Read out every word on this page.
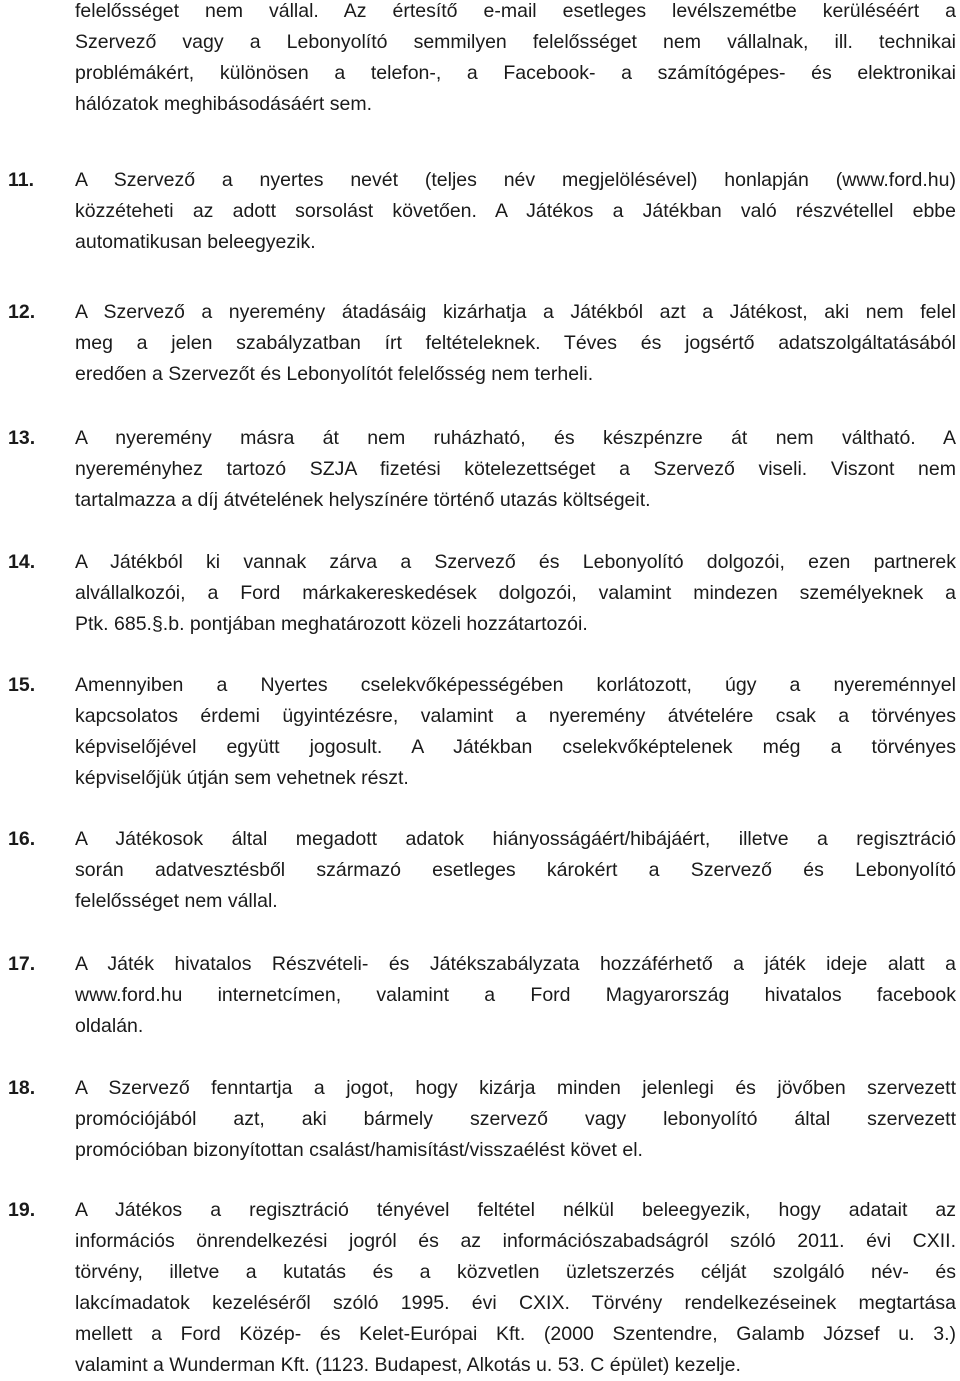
felelősséget nem vállal. Az értesítő e-mail esetleges levélszemétbe kerüléséért a
Szervező vagy a Lebonyolító semmilyen felelősséget nem vállalnak, ill. technikai
problémákért, különösen a telefon-, a Facebook- a számítógépes- és elektronikai
hálózatok meghibásodásáért sem.
11. A Szervező a nyertes nevét (teljes név megjelölésével) honlapján (www.ford.hu)
közzéteheti az adott sorsolást követően. A Játékos a Játékban való részvétellel ebbe
automatikusan beleegyezik.
12. A Szervező a nyeremény átadásáig kizárhatja a Játékból azt a Játékost, aki nem felel
meg a jelen szabályzatban írt feltételeknek. Téves és jogsértő adatszolgáltatásából
eredően a Szervezőt és Lebonyolítót felelősség nem terheli.
13. A nyeremény másra át nem ruházható, és készpénzre át nem váltható. A
nyereményhez tartozó SZJA fizetési kötelezettséget a Szervező viseli. Viszont nem
tartalmazza a díj átvételének helyszínére történő utazás költségeit.
14. A Játékból ki vannak zárva a Szervező és Lebonyolító dolgozói, ezen partnerek
alvállalkozói, a Ford márkakereskedések dolgozói, valamint mindezen személyeknek a
Ptk. 685.§.b. pontjában meghatározott közeli hozzátartozói.
15. Amennyiben a Nyertes cselekvőképességében korlátozott, úgy a nyereménnyel
kapcsolatos érdemi ügyintézésre, valamint a nyeremény átvételére csak a törvényes
képviselőjével együtt jogosult. A Játékban cselekvőképtelenek még a törvényes
képviselőjük útján sem vehetnek részt.
16. A Játékosok által megadott adatok hiányosságáért/hibájáért, illetve a regisztráció
során adatvesztésből származó esetleges károkért a Szervező és Lebonyolító
felelősséget nem vállal.
17. A Játék hivatalos Részvételi- és Játékszabályzata hozzáférhető a játék ideje alatt a
www.ford.hu internetcímen, valamint a Ford Magyarország hivatalos facebook
oldalán.
18. A Szervező fenntartja a jogot, hogy kizárja minden jelenlegi és jövőben szervezett
promóciójából azt, aki bármely szervező vagy lebonyolító által szervezett
promócióban bizonyítottan csalást/hamisítást/visszaélést követ el.
19. A Játékos a regisztráció tényével feltétel nélkül beleegyezik, hogy adatait az
információs önrendelkezési jogról és az információszabadságról szóló 2011. évi CXII.
törvény, illetve a kutatás és a közvetlen üzletszerzés célját szolgáló név- és
lakcímadatok kezeléséről szóló 1995. évi CXIX. Törvény rendelkezéseinek megtartása
mellett a Ford Közép- és Kelet-Európai Kft. (2000 Szentendre, Galamb József u. 3.)
valamint a Wunderman Kft. (1123. Budapest, Alkotás u. 53. C épület) kezelje.
